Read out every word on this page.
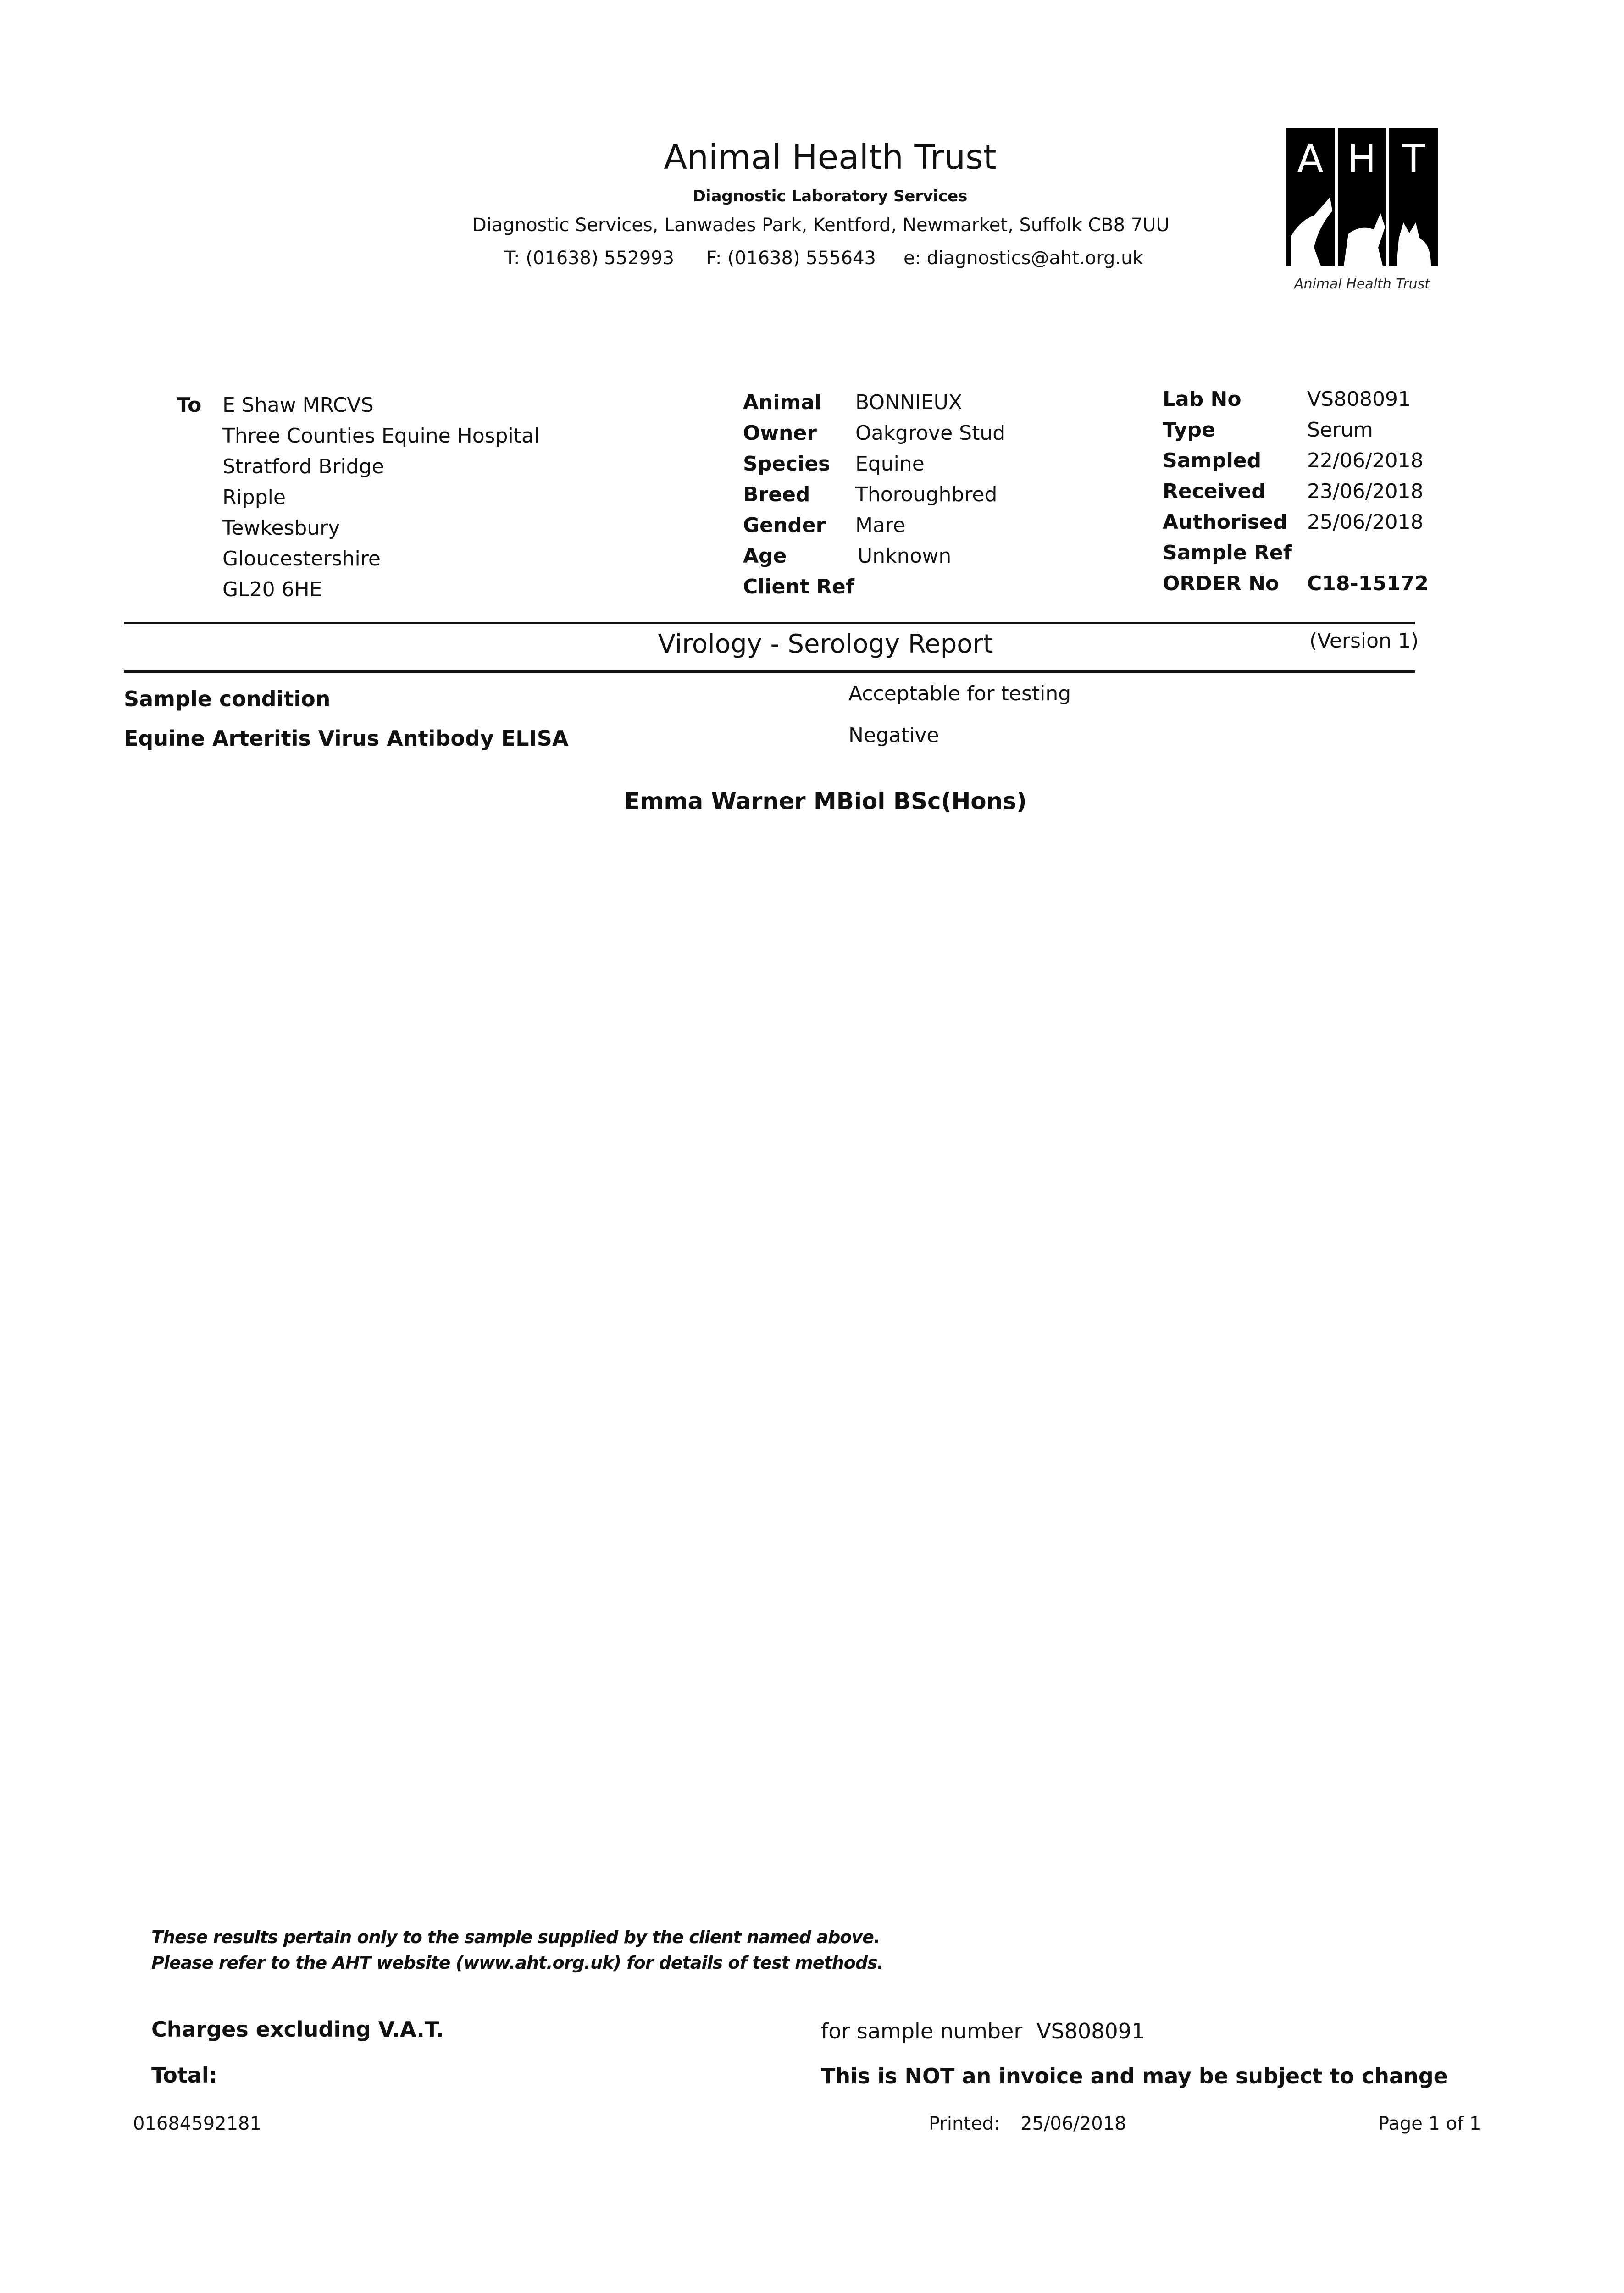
Animal Health Trust
Diagnostic Laboratory Services
Diagnostic Services, Lanwades Park, Kentford, Newmarket, Suffolk CB8 7UU
T: (01638) 552993 F: (01638) 555643 e: diagnostics@aht.org.uk
A H T
Animal Health Trust
To E Shaw MRCVS
Three Counties Equine Hospital
Stratford Bridge
Ripple
Tewkesbury
Gloucestershire
GL20 6HE
Animal BONNIEUX
Owner Oakgrove Stud
Species Equine
Breed Thoroughbred
Gender Mare
Age	Unknown
Client Ref
Lab No	VS808091
Type	Serum
Sampled 22/06/2018
Received 23/06/2018
Authorised 25/06/2018
Sample Ref
ORDER No C18-15172
Virology - Serology Report	(Version 1)
Sample condition	Acceptable for testing
Equine Arteritis Virus Antibody ELISA	Negative
Emma Warner MBiol BSc(Hons)
These results pertain only to the sample supplied by the client named above.
Please refer to the AHT website (www.aht.org.uk) for details of test methods.
Charges excluding V.A.T.
Total:
for sample number VS808091
This is NOT an invoice and may be subject to change
01684592181	Printed: 25/06/2018	Page 1 of 1
